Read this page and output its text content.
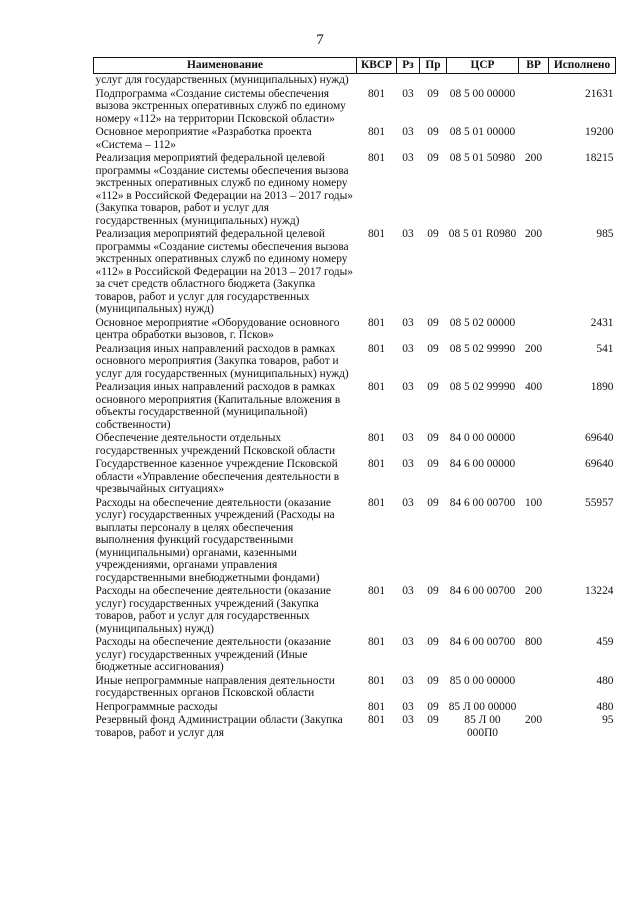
7
Наименование	КВСР	Рз	Пр	ЦСР	ВР	Исполнено
услуг для государственных (муниципальных) нужд)						
Подпрограмма «Создание системы обеспечения вызова экстренных оперативных служб по единому номеру «112» на территории Псковской области»	801	03	09	08 5 00 00000		21631
Основное мероприятие «Разработка проекта «Система – 112»	801	03	09	08 5 01 00000		19200
Реализация мероприятий федеральной целевой программы «Создание системы обеспечения вызова экстренных оперативных служб по единому номеру «112» в Российской Федерации на 2013 – 2017 годы» (Закупка товаров, работ и услуг для государственных (муниципальных) нужд)	801	03	09	08 5 01 50980	200	18215
Реализация мероприятий федеральной целевой программы «Создание системы обеспечения вызова экстренных оперативных служб по единому номеру «112» в Российской Федерации на 2013 – 2017 годы» за счет средств областного бюджета (Закупка товаров, работ и услуг для государственных (муниципальных) нужд)	801	03	09	08 5 01 R0980	200	985
Основное мероприятие «Оборудование основного центра обработки вызовов, г. Псков»	801	03	09	08 5 02 00000		2431
Реализация иных направлений расходов в рамках основного мероприятия (Закупка товаров, работ и услуг для государственных (муниципальных) нужд)	801	03	09	08 5 02 99990	200	541
Реализация иных направлений расходов в рамках основного мероприятия (Капитальные вложения в объекты государственной (муниципальной) собственности)	801	03	09	08 5 02 99990	400	1890
Обеспечение деятельности отдельных государственных учреждений Псковской области	801	03	09	84 0 00 00000		69640
Государственное казенное учреждение Псковской области «Управление обеспечения деятельности в чрезвычайных ситуациях»	801	03	09	84 6 00 00000		69640
Расходы на обеспечение деятельности (оказание услуг) государственных учреждений (Расходы на выплаты персоналу в целях обеспечения выполнения функций государственными (муниципальными) органами, казенными учреждениями, органами управления государственными внебюджетными фондами)	801	03	09	84 6 00 00700	100	55957
Расходы на обеспечение деятельности (оказание услуг) государственных учреждений (Закупка товаров, работ и услуг для государственных (муниципальных) нужд)	801	03	09	84 6 00 00700	200	13224
Расходы на обеспечение деятельности (оказание услуг) государственных учреждений (Иные бюджетные ассигнования)	801	03	09	84 6 00 00700	800	459
Иные непрограммные направления деятельности государственных органов Псковской области	801	03	09	85 0 00 00000		480
Непрограммные расходы	801	03	09	85 Л 00 00000		480
Резервный фонд Администрации области (Закупка товаров, работ и услуг для	801	03	09	85 Л 00 000П0	200	95
